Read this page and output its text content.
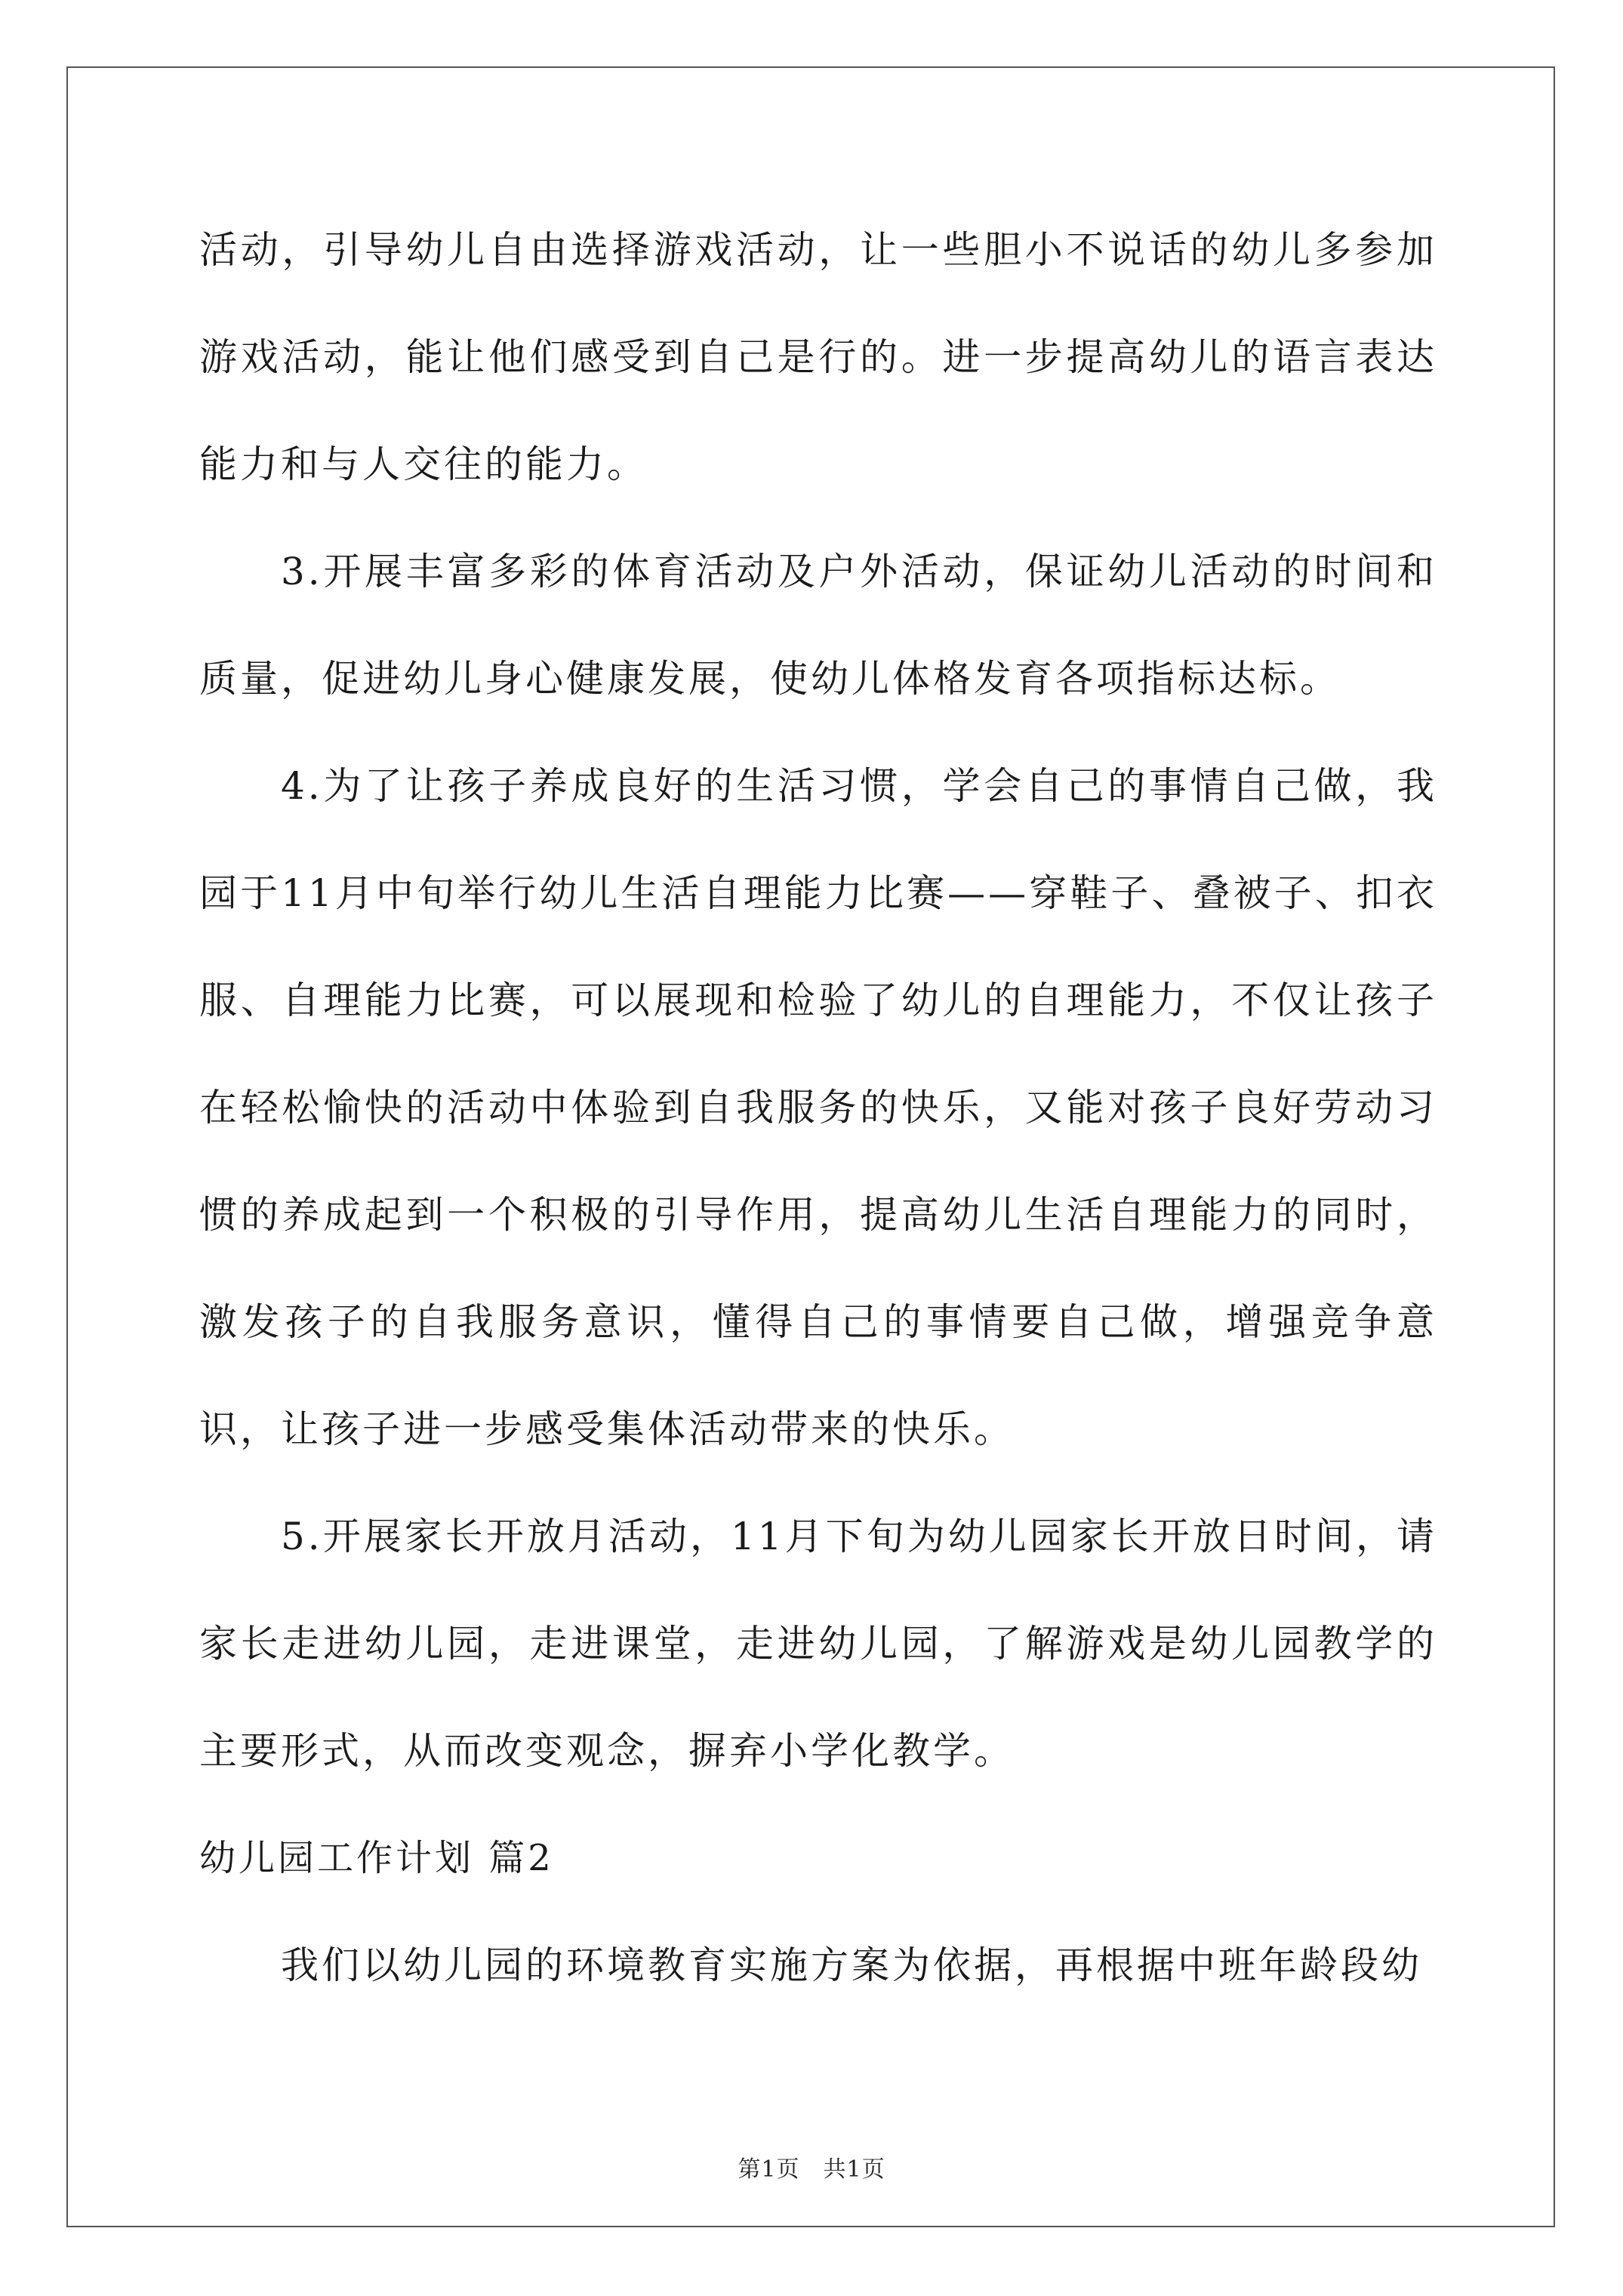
活动，引导幼儿自由选择游戏活动，让一些胆小不说话的幼儿多参加游戏活动，能让他们感受到自己是行的。进一步提高幼儿的语言表达能力和与人交往的能力。

3.开展丰富多彩的体育活动及户外活动，保证幼儿活动的时间和质量，促进幼儿身心健康发展，使幼儿体格发育各项指标达标。

4.为了让孩子养成良好的生活习惯，学会自己的事情自己做，我园于11月中旬举行幼儿生活自理能力比赛——穿鞋子、叠被子、扣衣服、自理能力比赛，可以展现和检验了幼儿的自理能力，不仅让孩子在轻松愉快的活动中体验到自我服务的快乐，又能对孩子良好劳动习惯的养成起到一个积极的引导作用，提高幼儿生活自理能力的同时，激发孩子的自我服务意识，懂得自己的事情要自己做，增强竞争意识，让孩子进一步感受集体活动带来的快乐。

5.开展家长开放月活动，11月下旬为幼儿园家长开放日时间，请家长走进幼儿园，走进课堂，走进幼儿园，了解游戏是幼儿园教学的主要形式，从而改变观念，摒弃小学化教学。

幼儿园工作计划 篇2

我们以幼儿园的环境教育实施方案为依据，再根据中班年龄段幼

第1页　共1页
